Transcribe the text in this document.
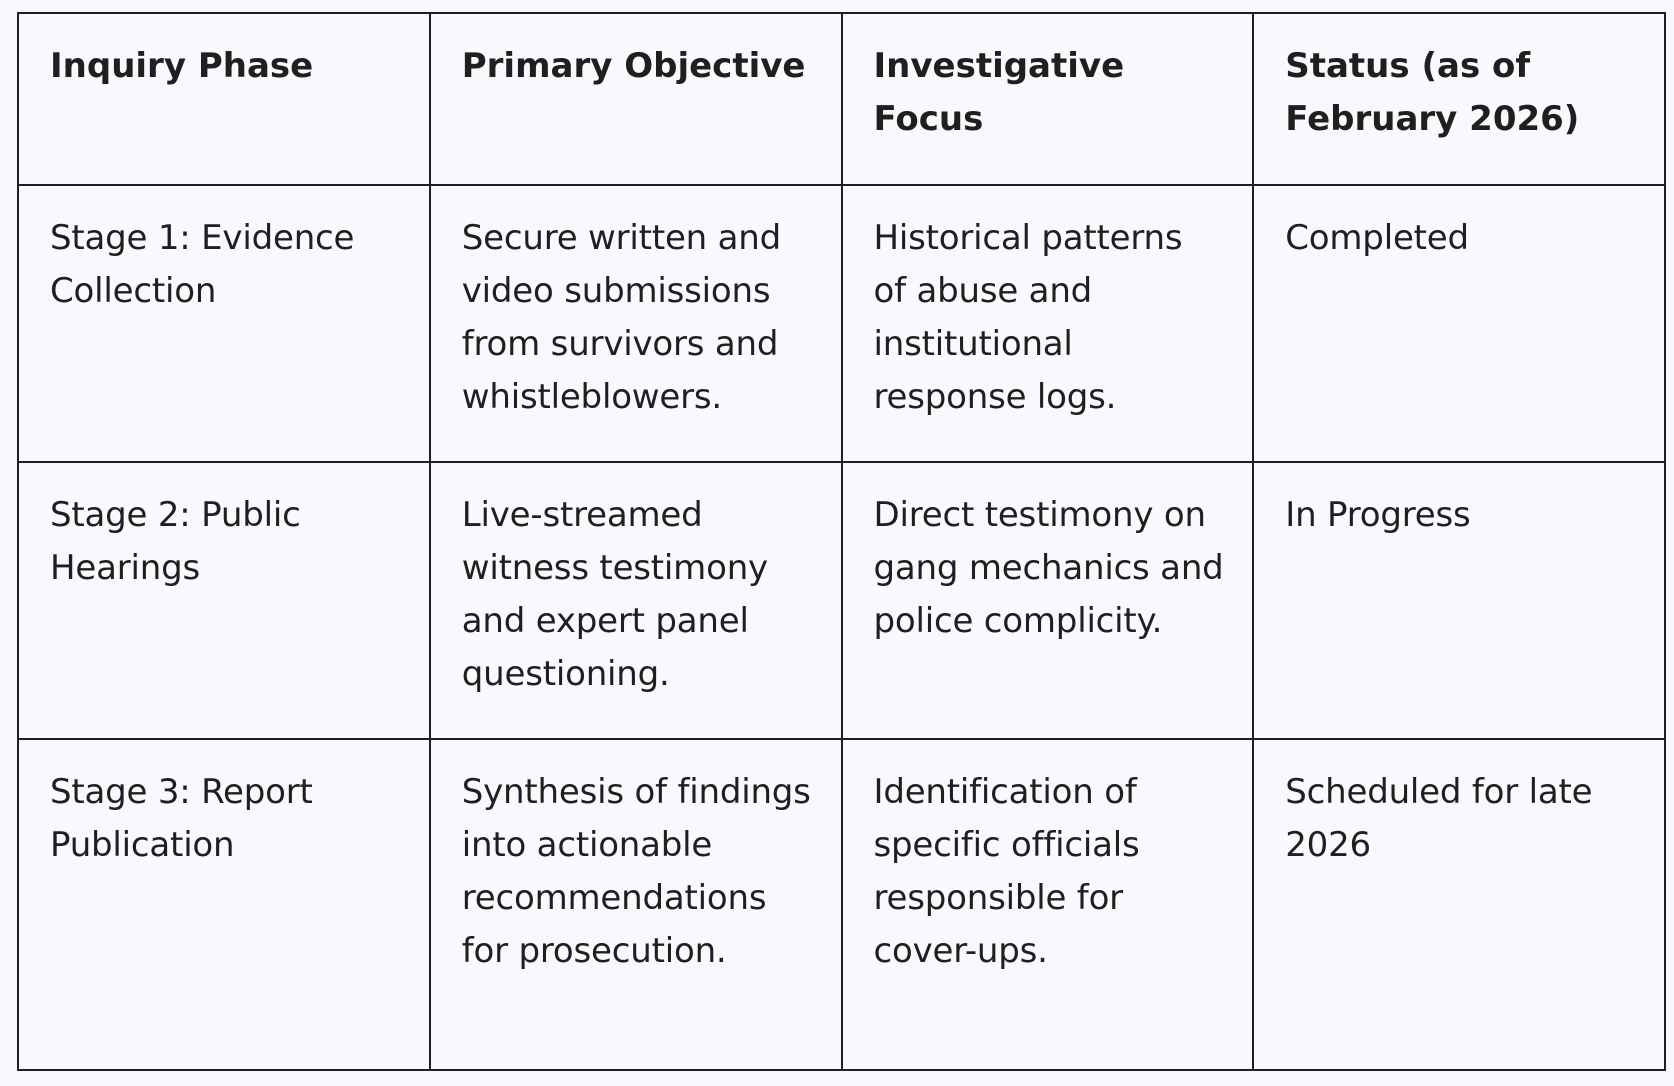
Inquiry Phase	Primary Objective	Investigative Focus	Status (as of February 2026)
Stage 1: Evidence Collection	Secure written and video submissions from survivors and whistleblowers.	Historical patterns of abuse and institutional response logs.	Completed
Stage 2: Public Hearings	Live-streamed witness testimony and expert panel questioning.	Direct testimony on gang mechanics and police complicity.	In Progress
Stage 3: Report Publication	Synthesis of findings into actionable recommendations for prosecution.	Identification of specific officials responsible for cover-ups.	Scheduled for late 2026
